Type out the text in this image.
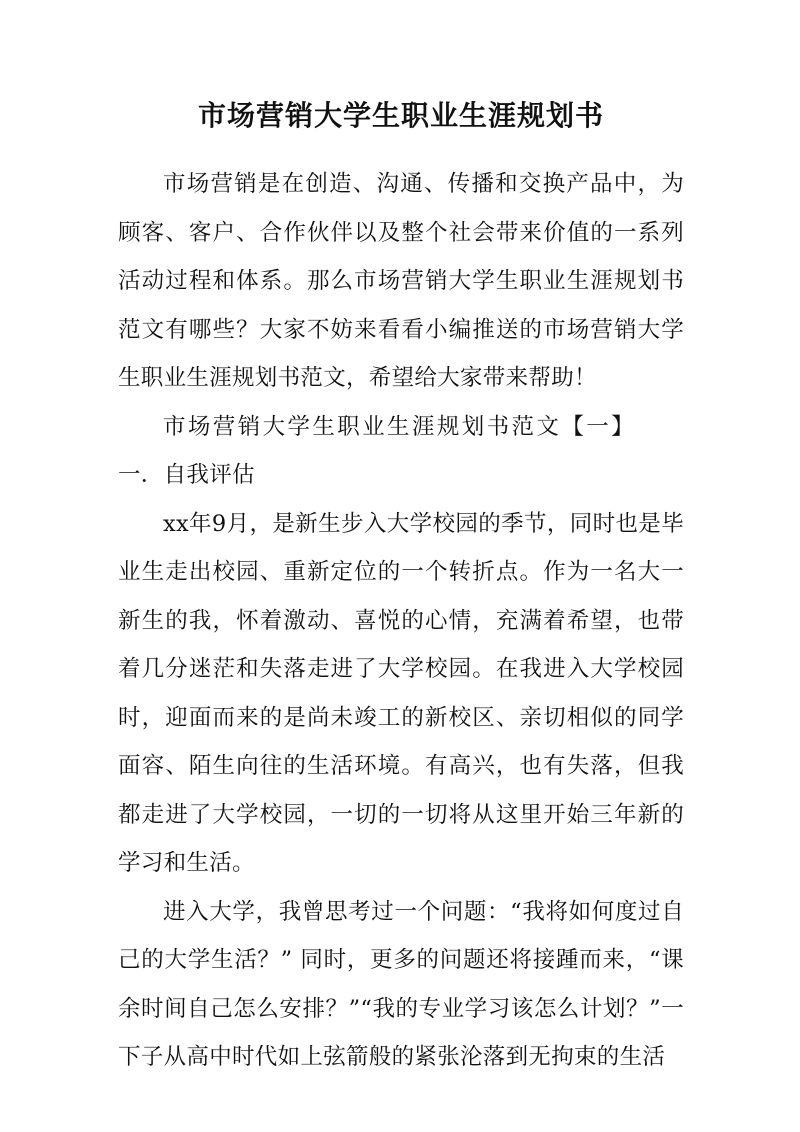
市场营销大学生职业生涯规划书

市场营销是在创造、沟通、传播和交换产品中，为顾客、客户、合作伙伴以及整个社会带来价值的一系列活动过程和体系。那么市场营销大学生职业生涯规划书范文有哪些？大家不妨来看看小编推送的市场营销大学生职业生涯规划书范文，希望给大家带来帮助！

市场营销大学生职业生涯规划书范文【一】一．自我评估

xx年9月，是新生步入大学校园的季节，同时也是毕业生走出校园、重新定位的一个转折点。作为一名大一新生的我，怀着激动、喜悦的心情，充满着希望，也带着几分迷茫和失落走进了大学校园。在我进入大学校园时，迎面而来的是尚未竣工的新校区、亲切相似的同学面容、陌生向往的生活环境。有高兴，也有失落，但我都走进了大学校园，一切的一切将从这里开始三年新的学习和生活。

进入大学，我曾思考过一个问题：“我将如何度过自己的大学生活？” 同时，更多的问题还将接踵而来，“课余时间自己怎么安排？”“我的专业学习该怎么计划？”一下子从高中时代如上弦箭般的紧张沦落到无拘束的生活
